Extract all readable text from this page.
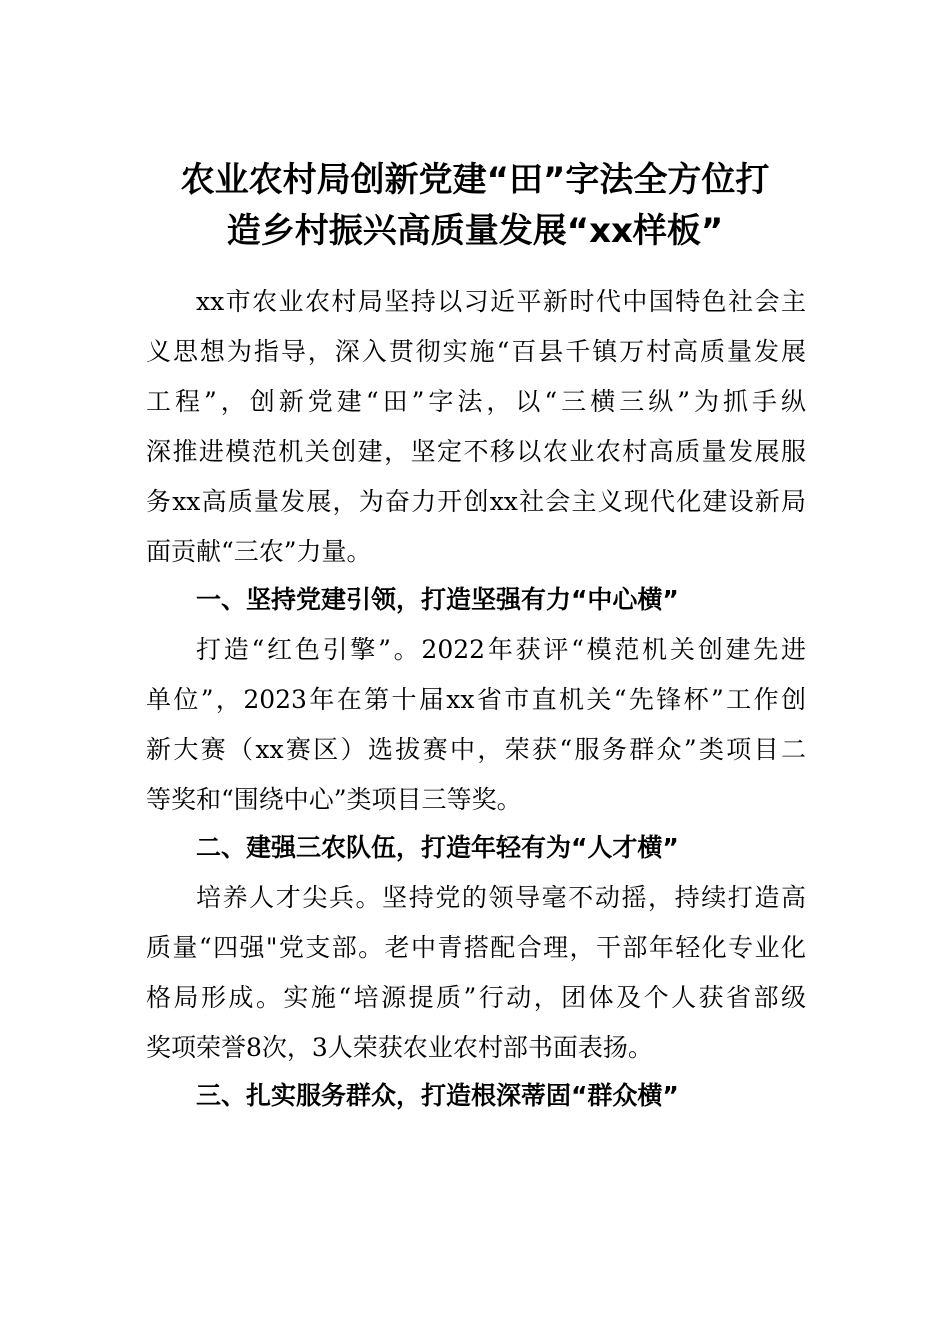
农业农村局创新党建“田”字法全方位打
造乡村振兴高质量发展“xx样板”
xx市农业农村局坚持以习近平新时代中国特色社会主
义思想为指导，深入贯彻实施“百县千镇万村高质量发展
工程”，创新党建“田”字法，以“三横三纵”为抓手纵
深推进模范机关创建，坚定不移以农业农村高质量发展服
务xx高质量发展，为奋力开创xx社会主义现代化建设新局
面贡献“三农”力量。
一、坚持党建引领，打造坚强有力“中心横”
打造“红色引擎”。2022年获评“模范机关创建先进
单位”，2023年在第十届xx省市直机关“先锋杯”工作创
新大赛（xx赛区）选拔赛中，荣获“服务群众”类项目二
等奖和“围绕中心”类项目三等奖。
二、建强三农队伍，打造年轻有为“人才横”
培养人才尖兵。坚持党的领导毫不动摇，持续打造高
质量“四强"党支部。老中青搭配合理，干部年轻化专业化
格局形成。实施“培源提质”行动，团体及个人获省部级
奖项荣誉8次，3人荣获农业农村部书面表扬。
三、扎实服务群众，打造根深蒂固“群众横”
